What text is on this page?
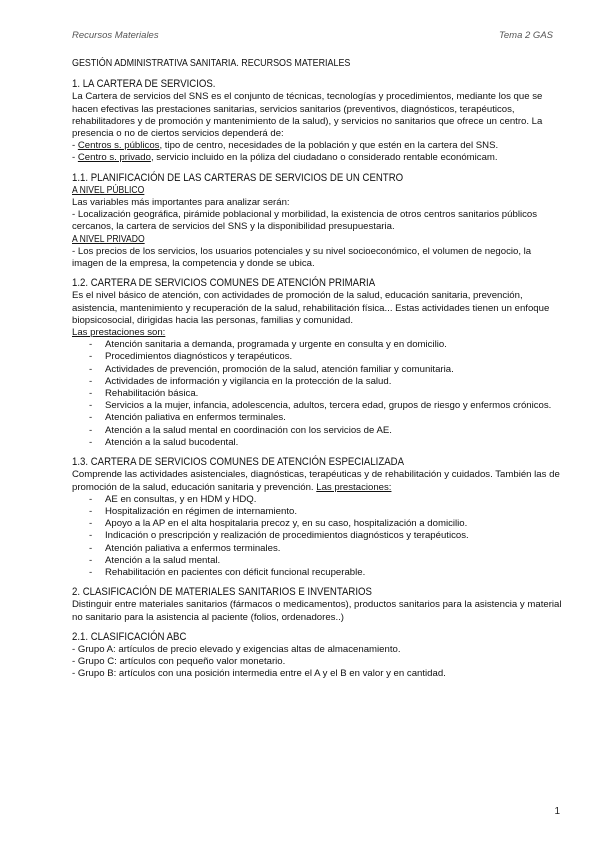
Recursos Materiales	Tema 2 GAS
GESTIÓN ADMINISTRATIVA SANITARIA. RECURSOS MATERIALES
1. LA CARTERA DE SERVICIOS.

La Cartera de servicios del SNS es el conjunto de técnicas, tecnologías y procedimientos, mediante los que se hacen efectivas las prestaciones sanitarias, servicios sanitarios (preventivos, diagnósticos, terapéuticos, rehabilitadores y de promoción y mantenimiento de la salud), y servicios no sanitarios que ofrece un centro. La presencia o no de ciertos servicios dependerá de:

- Centros s. públicos, tipo de centro, necesidades de la población y que estén en la cartera del SNS.

- Centro s. privado, servicio incluido en la póliza del ciudadano o considerado rentable económicam.

1.1. PLANIFICACIÓN DE LAS CARTERAS DE SERVICIOS DE UN CENTRO
A NIVEL PÚBLICO

Las variables más importantes para analizar serán:

- Localización geográfica, pirámide poblacional y morbilidad, la existencia de otros centros sanitarios públicos cercanos, la cartera de servicios del SNS y la disponibilidad presupuestaria.

A NIVEL PRIVADO

- Los precios de los servicios, los usuarios potenciales y su nivel socioeconómico, el volumen de negocio, la imagen de la empresa, la competencia y donde se ubica.

1.2. CARTERA DE SERVICIOS COMUNES DE ATENCIÓN PRIMARIA

Es el nivel básico de atención, con actividades de promoción de la salud, educación sanitaria, prevención, asistencia, mantenimiento y recuperación de la salud, rehabilitación física... Estas actividades tienen un enfoque biopsicosocial, dirigidas hacia las personas, familias y comunidad.

Las prestaciones son:

- Atención sanitaria a demanda, programada y urgente en consulta y en domicilio.
- Procedimientos diagnósticos y terapéuticos.
- Actividades de prevención, promoción de la salud, atención familiar y comunitaria.
- Actividades de información y vigilancia en la protección de la salud.
- Rehabilitación básica.
- Servicios a la mujer, infancia, adolescencia, adultos, tercera edad, grupos de riesgo y enfermos crónicos.
- Atención paliativa en enfermos terminales.
- Atención a la salud mental en coordinación con los servicios de AE.
- Atención a la salud bucodental.
1.3. CARTERA DE SERVICIOS COMUNES DE ATENCIÓN ESPECIALIZADA

Comprende las actividades asistenciales, diagnósticas, terapéuticas y de rehabilitación y cuidados. También las de promoción de la salud, educación sanitaria y prevención. Las prestaciones:

- AE en consultas, y en HDM y HDQ.
- Hospitalización en régimen de internamiento.
- Apoyo a la AP en el alta hospitalaria precoz y, en su caso, hospitalización a domicilio.
- Indicación o prescripción y realización de procedimientos diagnósticos y terapéuticos.
- Atención paliativa a enfermos terminales.
- Atención a la salud mental.
- Rehabilitación en pacientes con déficit funcional recuperable.
2. CLASIFICACIÓN DE MATERIALES SANITARIOS E INVENTARIOS

Distinguir entre materiales sanitarios (fármacos o medicamentos), productos sanitarios para la asistencia y material no sanitario para la asistencia al paciente (folios, ordenadores..)

2.1. CLASIFICACIÓN ABC

- Grupo A: artículos de precio elevado y exigencias altas de almacenamiento.

- Grupo C: artículos con pequeño valor monetario.

- Grupo B: artículos con una posición intermedia entre el A y el B en valor y en cantidad.

1
